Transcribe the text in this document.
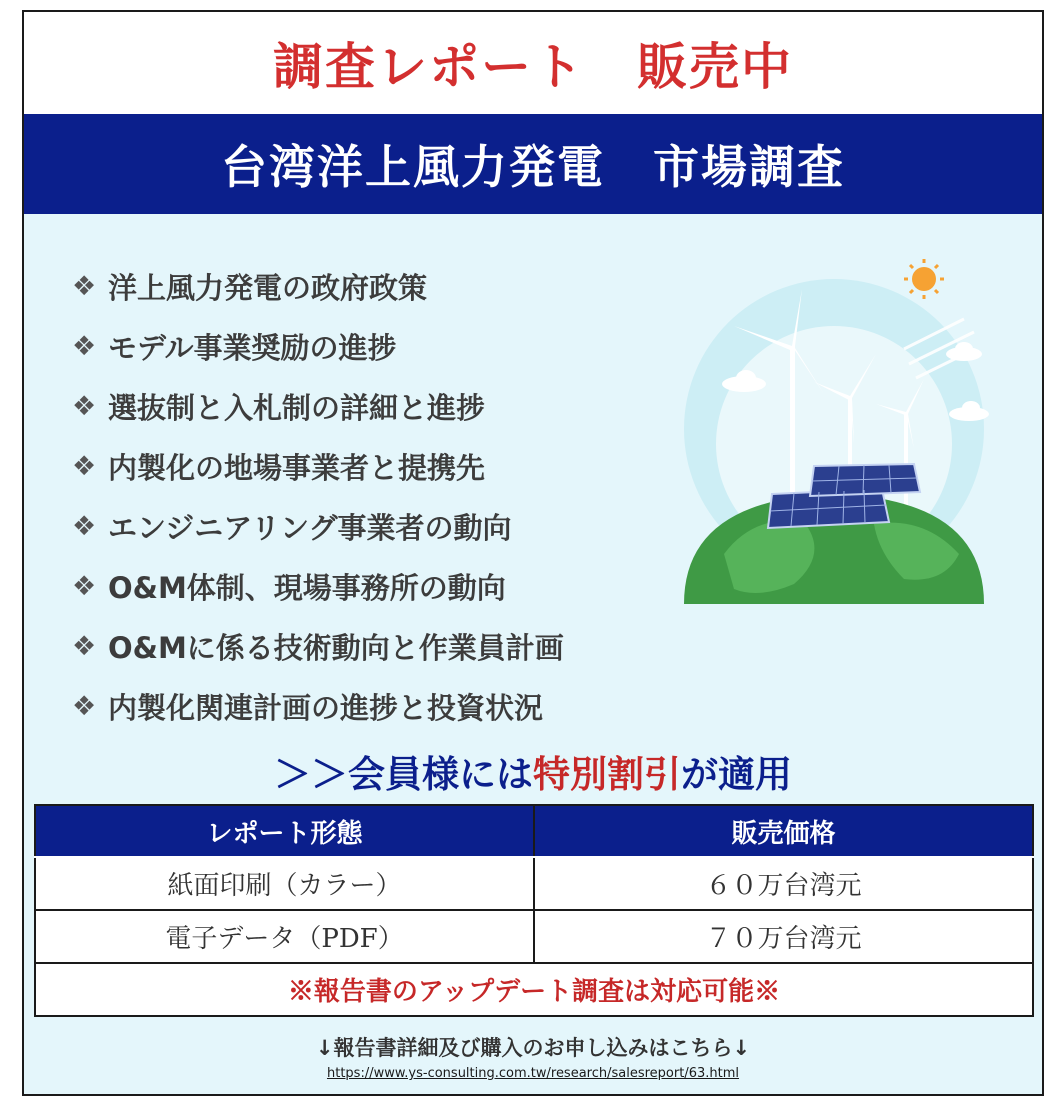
調査レポート　販売中
台湾洋上風力発電　市場調査
❖ 洋上風力発電の政府政策
❖ モデル事業奨励の進捗
❖ 選抜制と入札制の詳細と進捗
❖ 内製化の地場事業者と提携先
❖ エンジニアリング事業者の動向
❖ O&M体制、現場事務所の動向
❖ O&Mに係る技術動向と作業員計画
❖ 内製化関連計画の進捗と投資状況
＞＞会員様には特別割引が適用
レポート形態	販売価格
紙面印刷（カラー）	６０万台湾元
電子データ（PDF）	７０万台湾元
※報告書のアップデート調査は対応可能※	
↓報告書詳細及び購入のお申し込みはこちら↓
https://www.ys-consulting.com.tw/research/salesreport/63.html
